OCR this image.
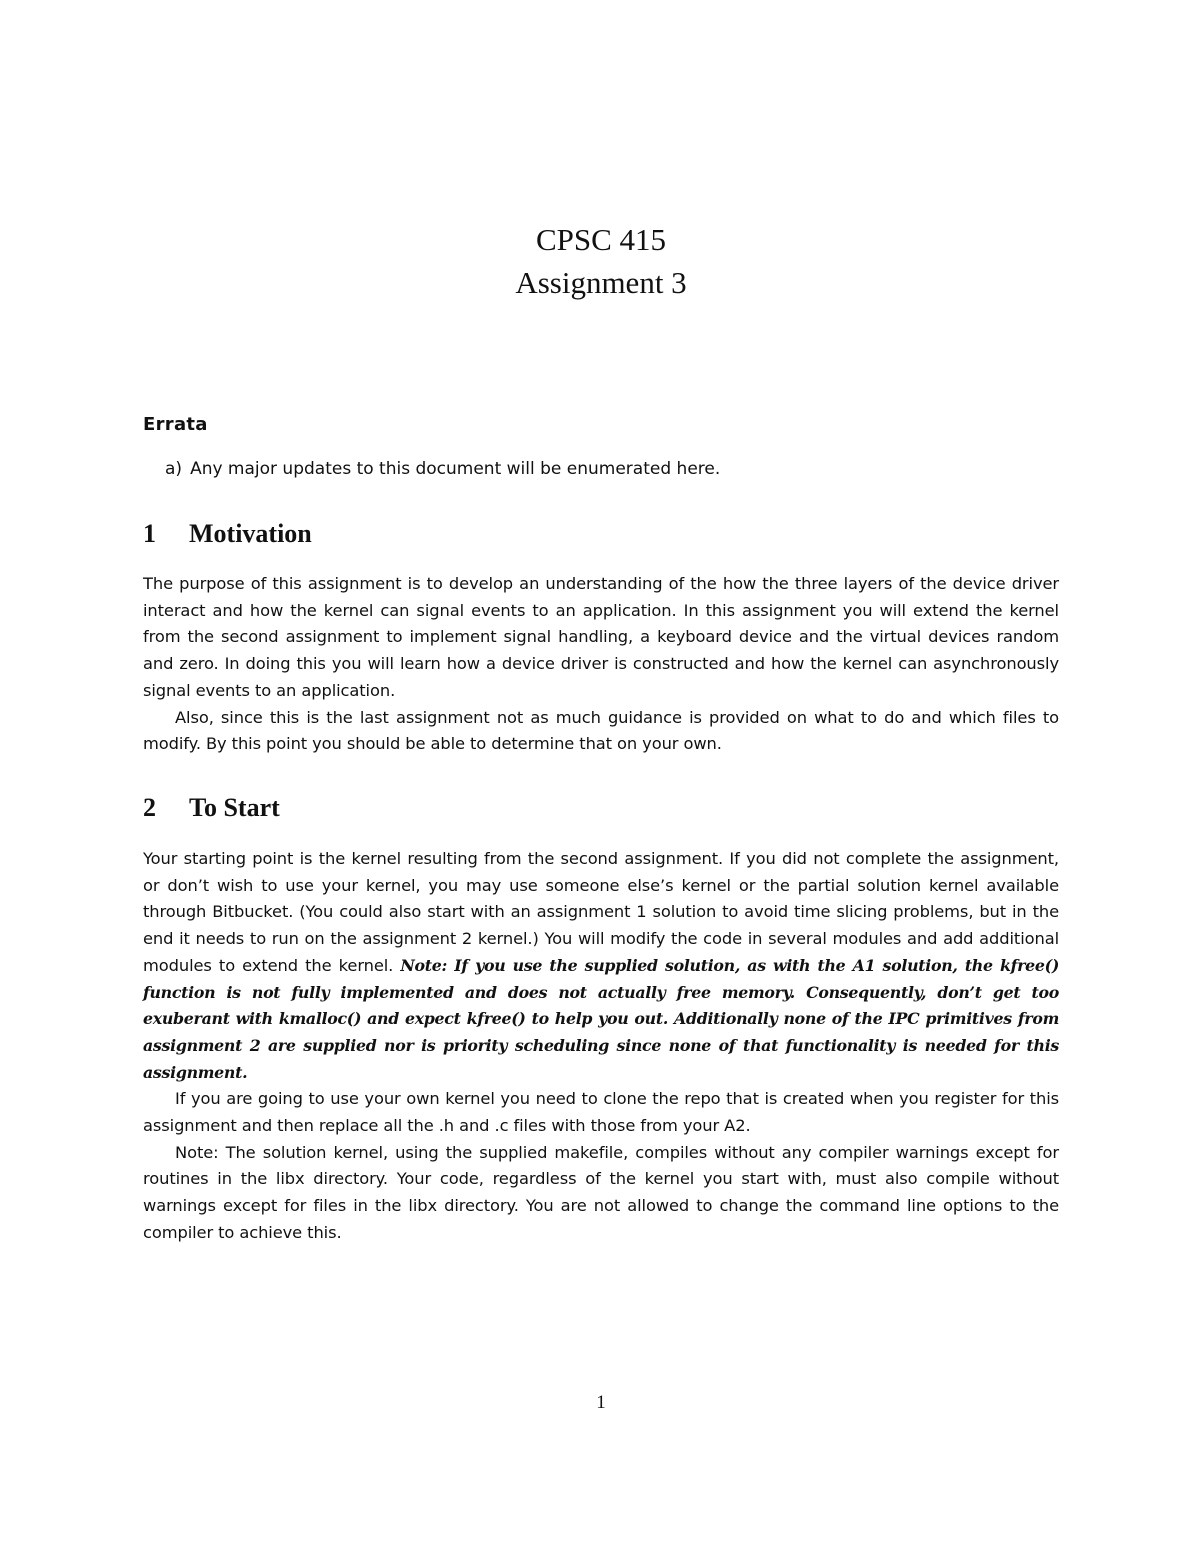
CPSC 415
Assignment 3
Errata
a) Any major updates to this document will be enumerated here.
1 Motivation

The purpose of this assignment is to develop an understanding of the how the three layers of the device driver interact and how the kernel can signal events to an application. In this assignment you will extend the kernel from the second assignment to implement signal handling, a keyboard device and the virtual devices random and zero. In doing this you will learn how a device driver is constructed and how the kernel can asynchronously signal events to an application.

Also, since this is the last assignment not as much guidance is provided on what to do and which files to modify. By this point you should be able to determine that on your own.

2 To Start

Your starting point is the kernel resulting from the second assignment. If you did not complete the assignment, or don’t wish to use your kernel, you may use someone else’s kernel or the partial solution kernel available through Bitbucket. (You could also start with an assignment 1 solution to avoid time slicing problems, but in the end it needs to run on the assignment 2 kernel.) You will modify the code in several modules and add additional modules to extend the kernel. Note: If you use the supplied solution, as with the A1 solution, the kfree() function is not fully implemented and does not actually free memory. Consequently, don’t get too exuberant with kmalloc() and expect kfree() to help you out. Additionally none of the IPC primitives from assignment 2 are supplied nor is priority scheduling since none of that functionality is needed for this assignment.

If you are going to use your own kernel you need to clone the repo that is created when you register for this assignment and then replace all the .h and .c files with those from your A2.

Note: The solution kernel, using the supplied makefile, compiles without any compiler warnings except for routines in the libx directory. Your code, regardless of the kernel you start with, must also compile without warnings except for files in the libx directory. You are not allowed to change the command line options to the compiler to achieve this.

1
